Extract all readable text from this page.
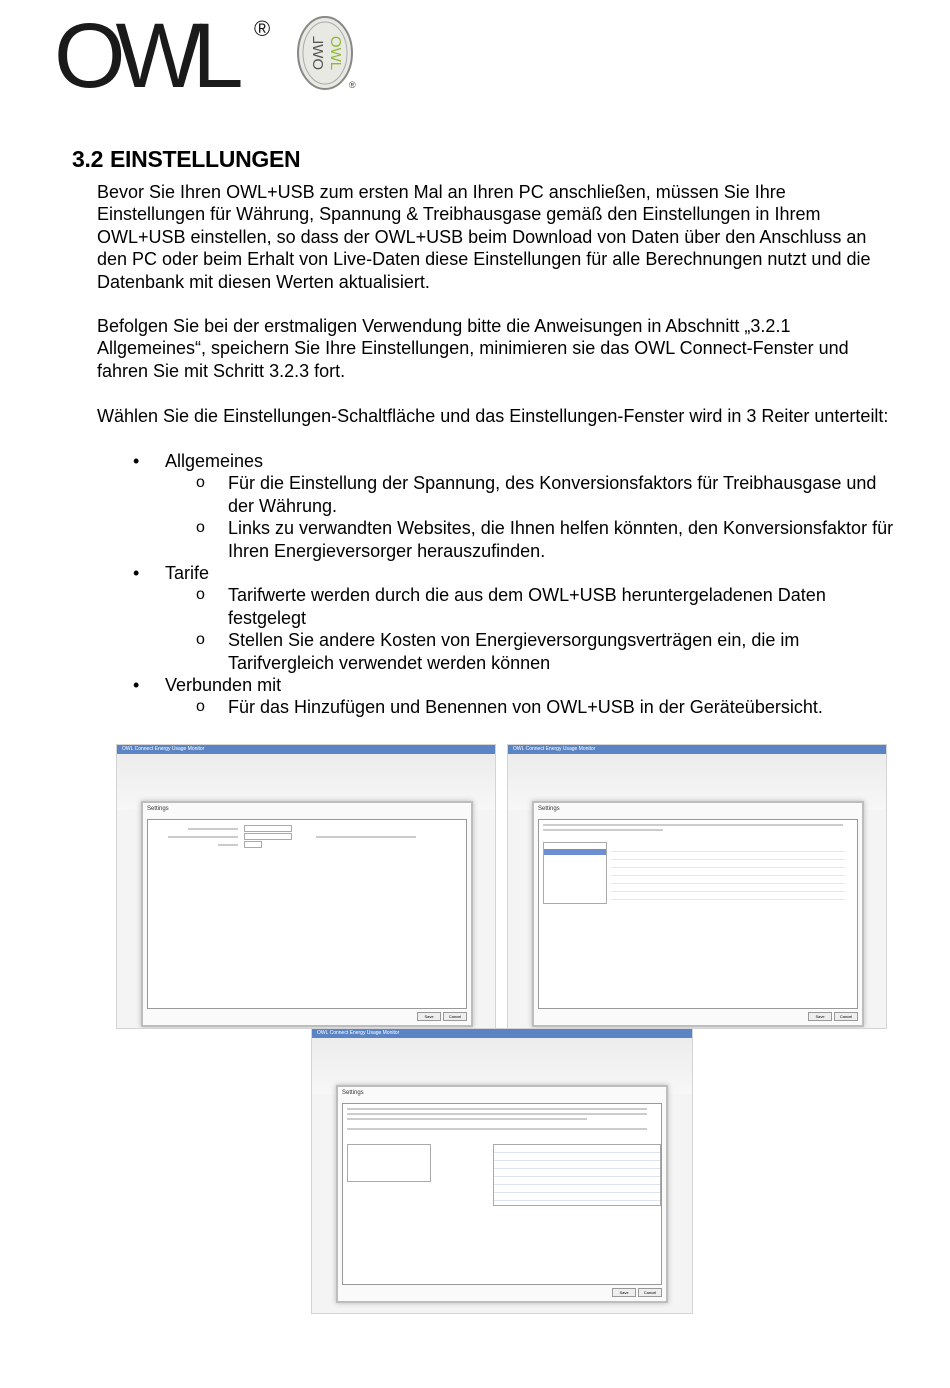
OWL ®
OWL
OWL
®
3.2 EINSTELLUNGEN
Bevor Sie Ihren OWL+USB zum ersten Mal an Ihren PC anschließen, müssen Sie Ihre Einstellungen für Währung, Spannung & Treibhausgase gemäß den Einstellungen in Ihrem OWL+USB einstellen, so dass der OWL+USB beim Download von Daten über den Anschluss an den PC oder beim Erhalt von Live-Daten diese Einstellungen für alle Berechnungen nutzt und die Datenbank mit diesen Werten aktualisiert.
Befolgen Sie bei der erstmaligen Verwendung bitte die Anweisungen in Abschnitt „3.2.1 Allgemeines“, speichern Sie Ihre Einstellungen, minimieren sie das OWL Connect-Fenster und fahren Sie mit Schritt 3.2.3 fort.
Wählen Sie die Einstellungen-Schaltfläche und das Einstellungen-Fenster wird in 3 Reiter unterteilt:
• Allgemeines
o Für die Einstellung der Spannung, des Konversionsfaktors für Treibhausgase und der Währung.
o Links zu verwandten Websites, die Ihnen helfen könnten, den Konversionsfaktor für Ihren Energieversorger herauszufinden.
• Tarife
o Tarifwerte werden durch die aus dem OWL+USB heruntergeladenen Daten festgelegt
o Stellen Sie andere Kosten von Energieversorgungsverträgen ein, die im Tarifvergleich verwendet werden können
• Verbunden mit
o Für das Hinzufügen und Benennen von OWL+USB in der Geräteübersicht.
OWL Connect Energy Usage Monitor
Settings
Save	Cancel
OWL Connect Energy Usage Monitor
Settings
Save	Cancel
OWL Connect Energy Usage Monitor
Settings
Save	Cancel
